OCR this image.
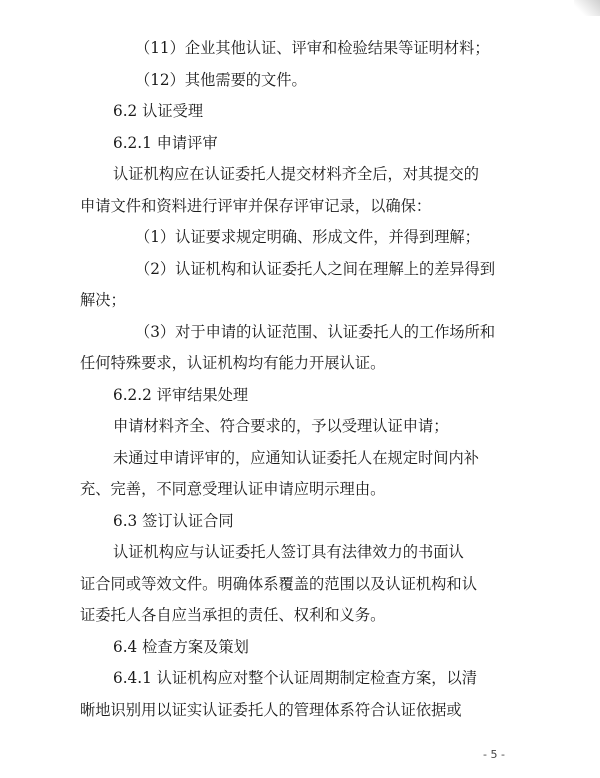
（11）企业其他认证、评审和检验结果等证明材料；
（12）其他需要的文件。
6.2 认证受理
6.2.1 申请评审
认证机构应在认证委托人提交材料齐全后，对其提交的
申请文件和资料进行评审并保存评审记录，以确保：
（1）认证要求规定明确、形成文件，并得到理解；
（2）认证机构和认证委托人之间在理解上的差异得到
解决；
（3）对于申请的认证范围、认证委托人的工作场所和
任何特殊要求，认证机构均有能力开展认证。
6.2.2 评审结果处理
申请材料齐全、符合要求的，予以受理认证申请；
未通过申请评审的，应通知认证委托人在规定时间内补
充、完善，不同意受理认证申请应明示理由。
6.3 签订认证合同
认证机构应与认证委托人签订具有法律效力的书面认
证合同或等效文件。明确体系覆盖的范围以及认证机构和认
证委托人各自应当承担的责任、权利和义务。
6.4 检查方案及策划
6.4.1 认证机构应对整个认证周期制定检查方案，以清
晰地识别用以证实认证委托人的管理体系符合认证依据或
- 5 -
